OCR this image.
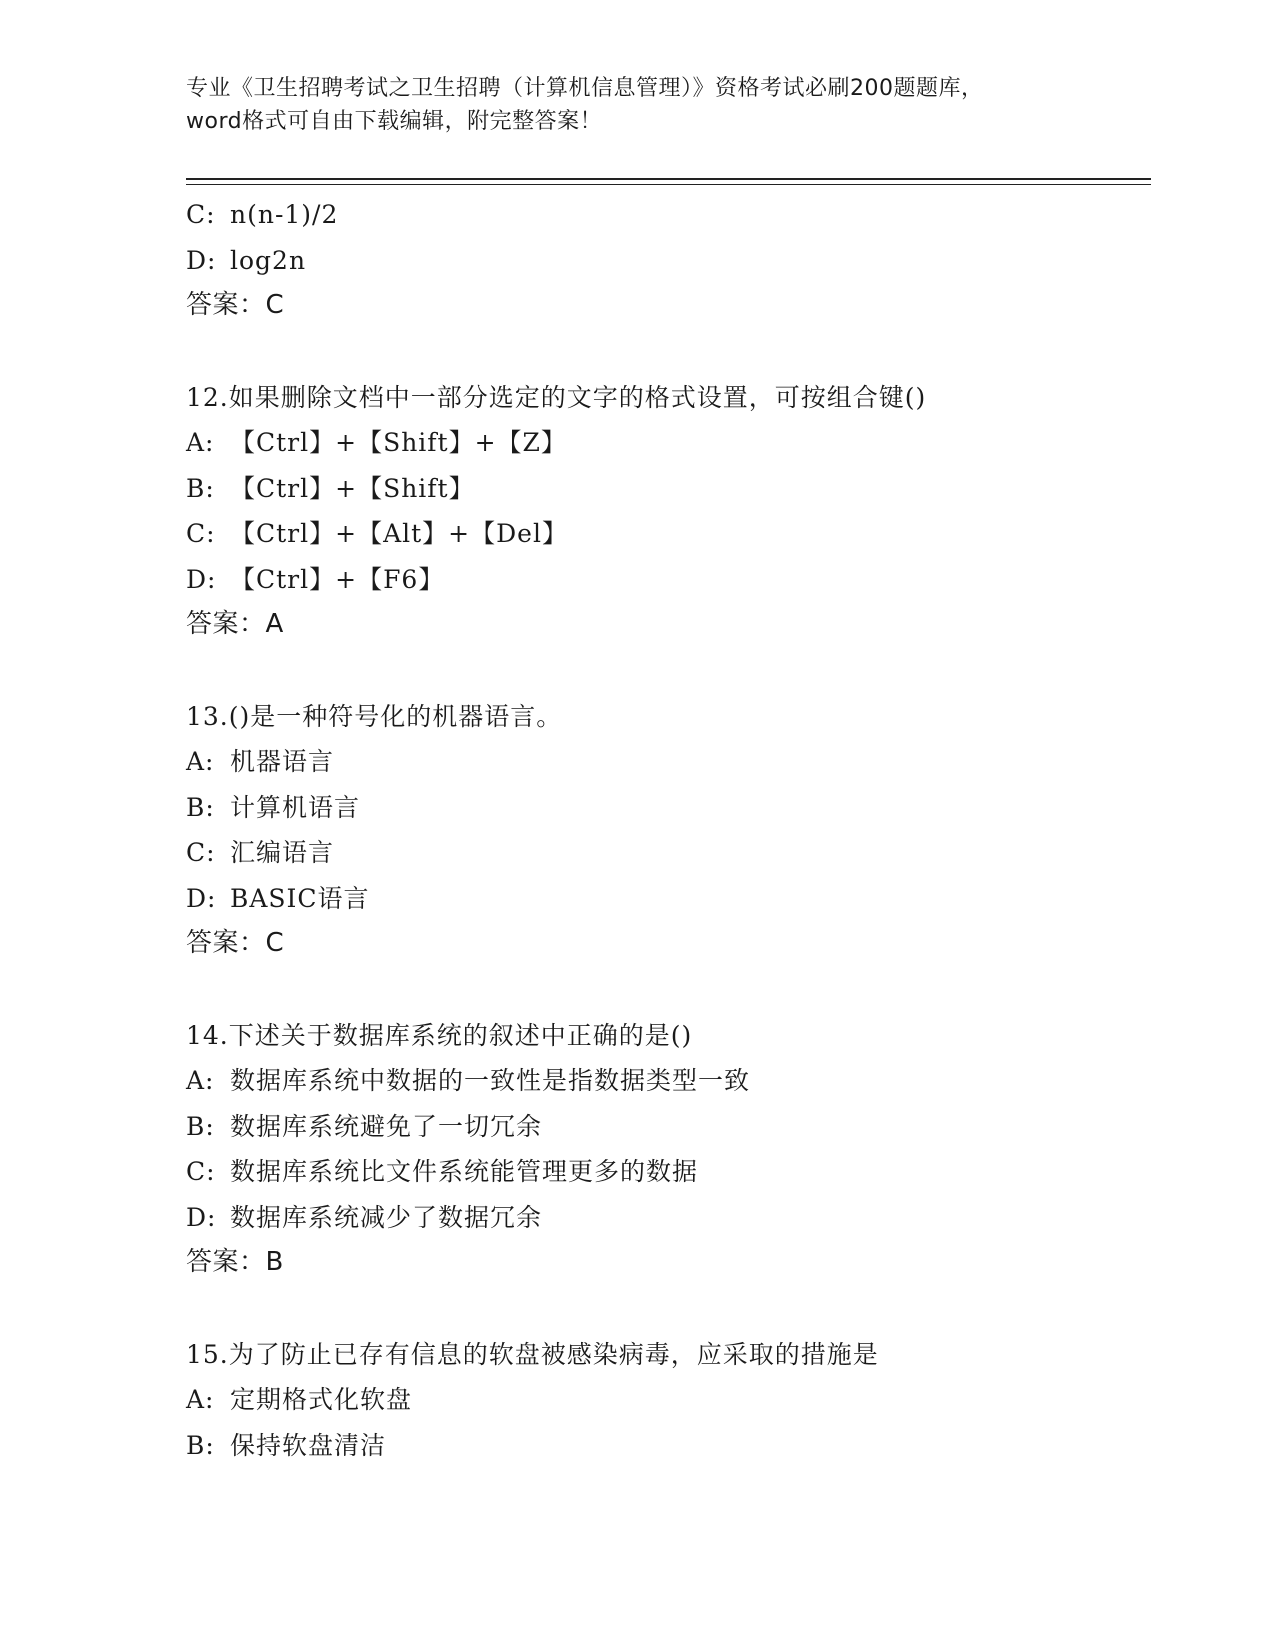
专业《卫生招聘考试之卫生招聘（计算机信息管理）》资格考试必刷200题题库，
word格式可自由下载编辑，附完整答案！
C: n(n-1)/2
D: log2n
答案：C
12.如果删除文档中一部分选定的文字的格式设置，可按组合键()
A: 【Ctrl】+【Shift】+【Z】
B: 【Ctrl】+【Shift】
C: 【Ctrl】+【Alt】+【Del】
D: 【Ctrl】+【F6】
答案：A
13.()是一种符号化的机器语言。
A: 机器语言
B: 计算机语言
C: 汇编语言
D: BASIC语言
答案：C
14.下述关于数据库系统的叙述中正确的是()
A: 数据库系统中数据的一致性是指数据类型一致
B: 数据库系统避免了一切冗余
C: 数据库系统比文件系统能管理更多的数据
D: 数据库系统减少了数据冗余
答案：B
15.为了防止已存有信息的软盘被感染病毒，应采取的措施是
A: 定期格式化软盘
B: 保持软盘清洁
